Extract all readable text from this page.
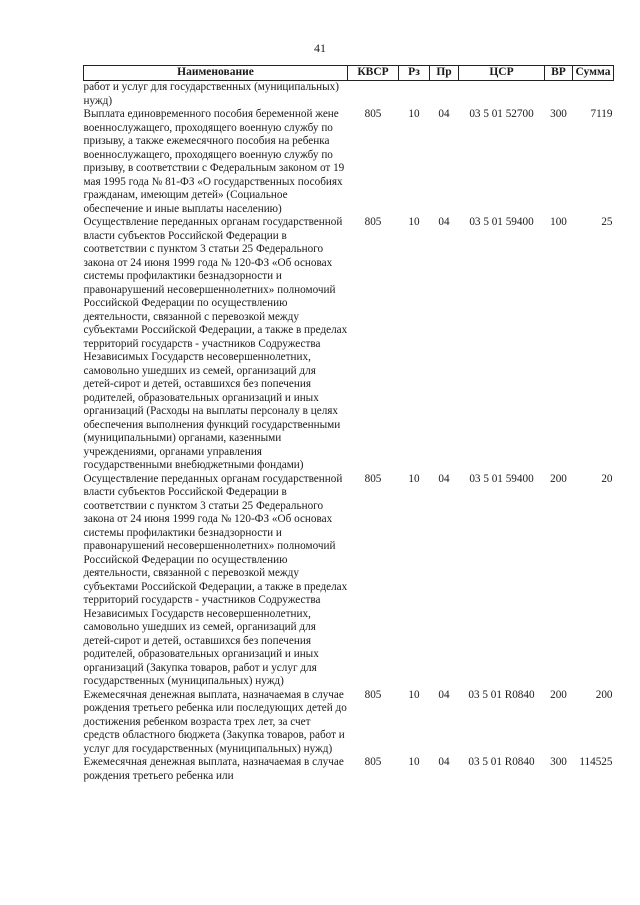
41
Наименование	КВСР	Рз	Пр	ЦСР	ВР	Сумма
работ и услуг для государственных (муниципальных) нужд)						
Выплата единовременного пособия беременной жене военнослужащего, проходящего военную службу по призыву, а также ежемесячного пособия на ребенка военнослужащего, проходящего военную службу по призыву, в соответствии с Федеральным законом от 19 мая 1995 года № 81-ФЗ «О государственных пособиях гражданам, имеющим детей» (Социальное обеспечение и иные выплаты населению)	805	10	04	03 5 01 52700	300	7119
Осуществление переданных органам государственной власти субъектов Российской Федерации в соответствии с пунктом 3 статьи 25 Федерального закона от 24 июня 1999 года № 120-ФЗ «Об основах системы профилактики безнадзорности и правонарушений несовершеннолетних» полномочий Российской Федерации по осуществлению деятельности, связанной с перевозкой между субъектами Российской Федерации, а также в пределах территорий государств - участников Содружества Независимых Государств несовершеннолетних, самовольно ушедших из семей, организаций для детей-сирот и детей, оставшихся без попечения родителей, образовательных организаций и иных организаций (Расходы на выплаты персоналу в целях обеспечения выполнения функций государственными (муниципальными) органами, казенными учреждениями, органами управления государственными внебюджетными фондами)	805	10	04	03 5 01 59400	100	25
Осуществление переданных органам государственной власти субъектов Российской Федерации в соответствии с пунктом 3 статьи 25 Федерального закона от 24 июня 1999 года № 120-ФЗ «Об основах системы профилактики безнадзорности и правонарушений несовершеннолетних» полномочий Российской Федерации по осуществлению деятельности, связанной с перевозкой между субъектами Российской Федерации, а также в пределах территорий государств - участников Содружества Независимых Государств несовершеннолетних, самовольно ушедших из семей, организаций для детей-сирот и детей, оставшихся без попечения родителей, образовательных организаций и иных организаций (Закупка товаров, работ и услуг для государственных (муниципальных) нужд)	805	10	04	03 5 01 59400	200	20
Ежемесячная денежная выплата, назначаемая в случае рождения третьего ребенка или последующих детей до достижения ребенком возраста трех лет, за счет средств областного бюджета (Закупка товаров, работ и услуг для государственных (муниципальных) нужд)	805	10	04	03 5 01 R0840	200	200
Ежемесячная денежная выплата, назначаемая в случае рождения третьего ребенка или	805	10	04	03 5 01 R0840	300	114525
